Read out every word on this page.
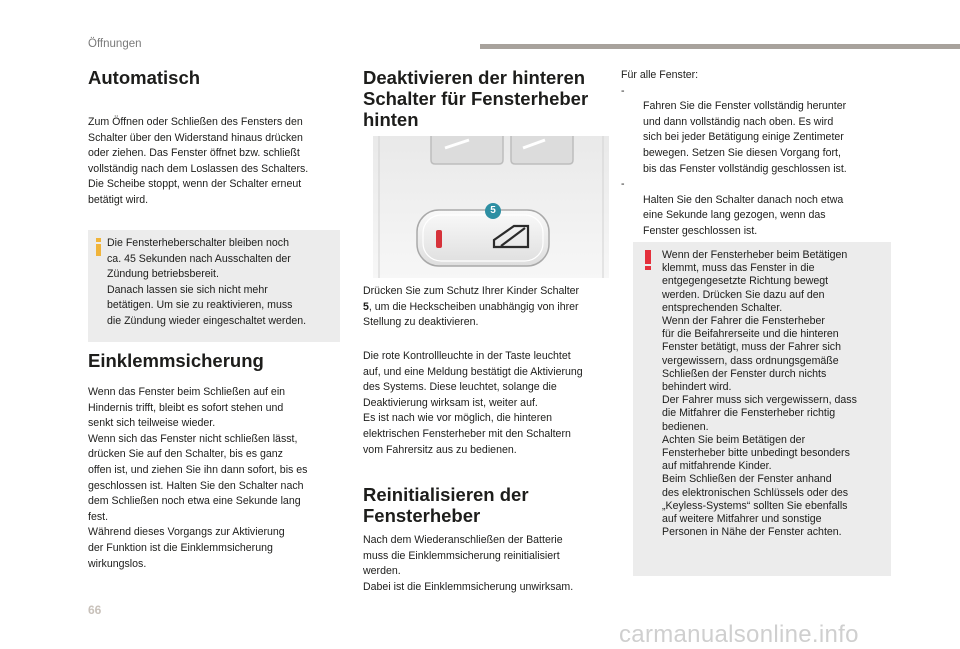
Öffnungen
Automatisch
Zum Öffnen oder Schließen des Fensters den
Schalter über den Widerstand hinaus drücken
oder ziehen. Das Fenster öffnet bzw. schließt
vollständig nach dem Loslassen des Schalters.
Die Scheibe stoppt, wenn der Schalter erneut
betätigt wird.
Die Fensterheberschalter bleiben noch
ca. 45 Sekunden nach Ausschalten der
Zündung betriebsbereit.
Danach lassen sie sich nicht mehr
betätigen. Um sie zu reaktivieren, muss
die Zündung wieder eingeschaltet werden.
Einklemmsicherung
Wenn das Fenster beim Schließen auf ein
Hindernis trifft, bleibt es sofort stehen und
senkt sich teilweise wieder.
Wenn sich das Fenster nicht schließen lässt,
drücken Sie auf den Schalter, bis es ganz
offen ist, und ziehen Sie ihn dann sofort, bis es
geschlossen ist. Halten Sie den Schalter nach
dem Schließen noch etwa eine Sekunde lang
fest.
Während dieses Vorgangs zur Aktivierung
der Funktion ist die Einklemmsicherung
wirkungslos.
Deaktivieren der hinteren
Schalter für Fensterheber
hinten
5
Drücken Sie zum Schutz Ihrer Kinder Schalter
5, um die Heckscheiben unabhängig von ihrer
Stellung zu deaktivieren.
Die rote Kontrollleuchte in der Taste leuchtet
auf, und eine Meldung bestätigt die Aktivierung
des Systems. Diese leuchtet, solange die
Deaktivierung wirksam ist, weiter auf.
Es ist nach wie vor möglich, die hinteren
elektrischen Fensterheber mit den Schaltern
vom Fahrersitz aus zu bedienen.
Reinitialisieren der
Fensterheber
Nach dem Wiederanschließen der Batterie
muss die Einklemmsicherung reinitialisiert
werden.
Dabei ist die Einklemmsicherung unwirksam.
Für alle Fenster:

-
Fahren Sie die Fenster vollständig herunter
und dann vollständig nach oben. Es wird
sich bei jeder Betätigung einige Zentimeter
bewegen. Setzen Sie diesen Vorgang fort,
bis das Fenster vollständig geschlossen ist.

-
Halten Sie den Schalter danach noch etwa
eine Sekunde lang gezogen, wenn das
Fenster geschlossen ist.

Wenn der Fensterheber beim Betätigen
klemmt, muss das Fenster in die
entgegengesetzte Richtung bewegt
werden. Drücken Sie dazu auf den
entsprechenden Schalter.
Wenn der Fahrer die Fensterheber
für die Beifahrerseite und die hinteren
Fenster betätigt, muss der Fahrer sich
vergewissern, dass ordnungsgemäße
Schließen der Fenster durch nichts
behindert wird.
Der Fahrer muss sich vergewissern, dass
die Mitfahrer die Fensterheber richtig
bedienen.
Achten Sie beim Betätigen der
Fensterheber bitte unbedingt besonders
auf mitfahrende Kinder.
Beim Schließen der Fenster anhand
des elektronischen Schlüssels oder des
„Keyless-Systems“ sollten Sie ebenfalls
auf weitere Mitfahrer und sonstige
Personen in Nähe der Fenster achten.
66
carmanualsonline.info
